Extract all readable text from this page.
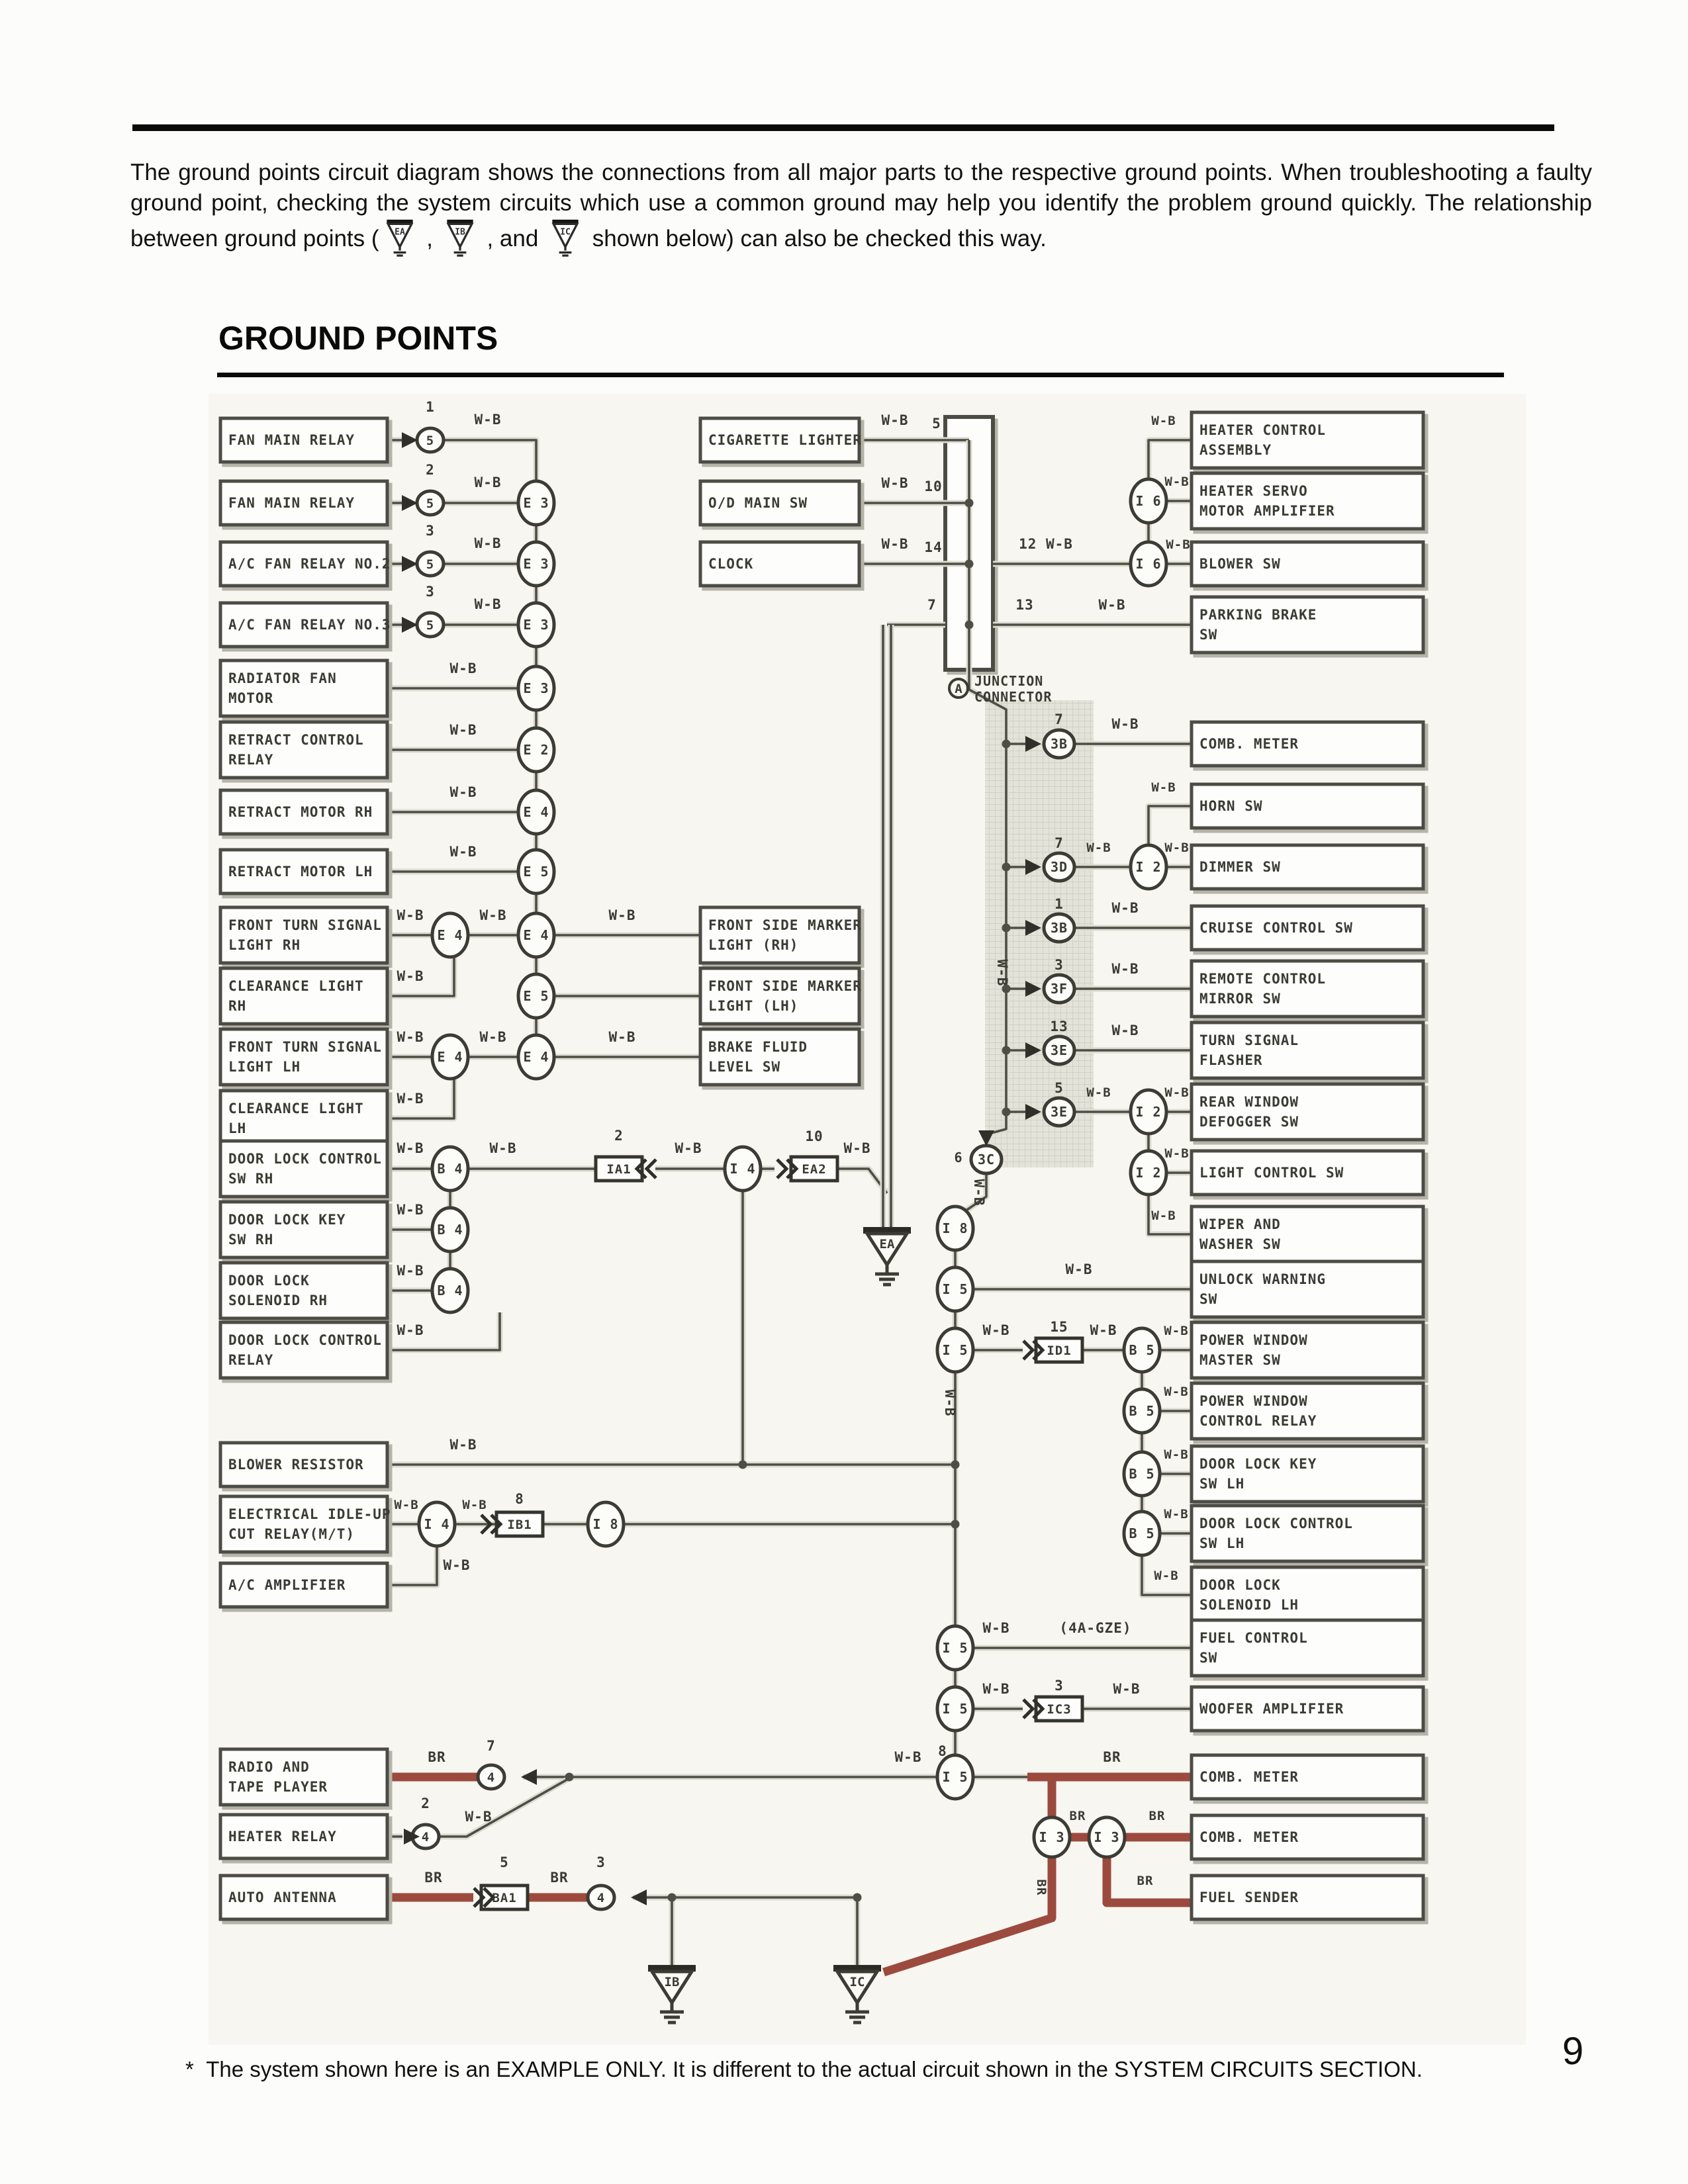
The ground points circuit diagram shows the connections from all major parts to the respective ground points. When troubleshooting a faulty ground point, checking the system circuits which use a common ground may help you identify the problem ground quickly. The relationship between ground points ( EA , IB , and IC shown below) can also be checked this way.
GROUND POINTS
FAN MAIN RELAY
FAN MAIN RELAY
A/C FAN RELAY NO.2
A/C FAN RELAY NO.3
RADIATOR FAN MOTOR
RETRACT CONTROL RELAY
RETRACT MOTOR RH
RETRACT MOTOR LH
FRONT TURN SIGNAL LIGHT RH
CLEARANCE LIGHT RH
FRONT TURN SIGNAL LIGHT LH
CLEARANCE LIGHT LH
DOOR LOCK CONTROL SW RH
DOOR LOCK KEY SW RH
DOOR LOCK SOLENOID RH
DOOR LOCK CONTROL RELAY
BLOWER RESISTOR
ELECTRICAL IDLE-UP CUT RELAY(M/T)
A/C AMPLIFIER
RADIO AND TAPE PLAYER
HEATER RELAY
AUTO ANTENNA
CIGARETTE LIGHTER
O/D MAIN SW
CLOCK
FRONT SIDE MARKER LIGHT (RH)
FRONT SIDE MARKER LIGHT (LH)
BRAKE FLUID LEVEL SW
HEATER CONTROL ASSEMBLY
HEATER SERVO MOTOR AMPLIFIER
BLOWER SW
PARKING BRAKE SW
COMB. METER
HORN SW
DIMMER SW
CRUISE CONTROL SW
REMOTE CONTROL MIRROR SW
TURN SIGNAL FLASHER
REAR WINDOW DEFOGGER SW
LIGHT CONTROL SW
WIPER AND WASHER SW
UNLOCK WARNING SW
POWER WINDOW MASTER SW
POWER WINDOW CONTROL RELAY
DOOR LOCK KEY SW LH
DOOR LOCK CONTROL SW LH
DOOR LOCK SOLENOID LH
FUEL CONTROL SW
WOOFER AMPLIFIER
COMB. METER
COMB. METER
FUEL SENDER
IA1	EA2
IB1
ID1
IC3
BA1
5
5
5
5
E 3
E 3
E 3
E 3
E 2
E 4
E 5
E 4
E 5
E 4
E 4
E 4
B 4
B 4
B 4
I 4
I 4
I 8
I 8
I 6
I 6
I 2
I 2
I 2
I 5
I 5
I 5
I 5
I 5
B 5
B 5
B 5
B 5
I 3 I 3
3B
3D
3B
3F
3E
3E
3C
4
4
4
1
W-B
2
W-B
3
W-B
3
W-B
W-B
W-B
W-B
W-B
W-B	W-B	W-B
W-B
W-B	W-B	W-B
W-B
W-B	W-B
2
W-B
10
W-B
W-B
W-B
W-B
W-B
W-B	W-B 8
W-B
BR
7
W-B 8
2
W-B
BR
5
BR
3
W-B 5
W-B 10
W-B 14	12 W-B	W-B
7	13	W-B
W-B
W-B
W-B
W-B
W-B	W-B
W-B
W-B
W-B
W-B	W-B
W-B
W-B
7
7
1
3
13
5
6
W-B
W-B
W-B
W-B
W-B	15 W-B	W-B
W-B
W-B
W-B
W-B
W-B	(4A-GZE)
W-B	3	W-B
BR
BR	BR
BR
BR
EA
IB	IC
A JUNCTION
CONNECTOR
* The system shown here is an EXAMPLE ONLY. It is different to the actual circuit shown in the SYSTEM CIRCUITS SECTION.	9
